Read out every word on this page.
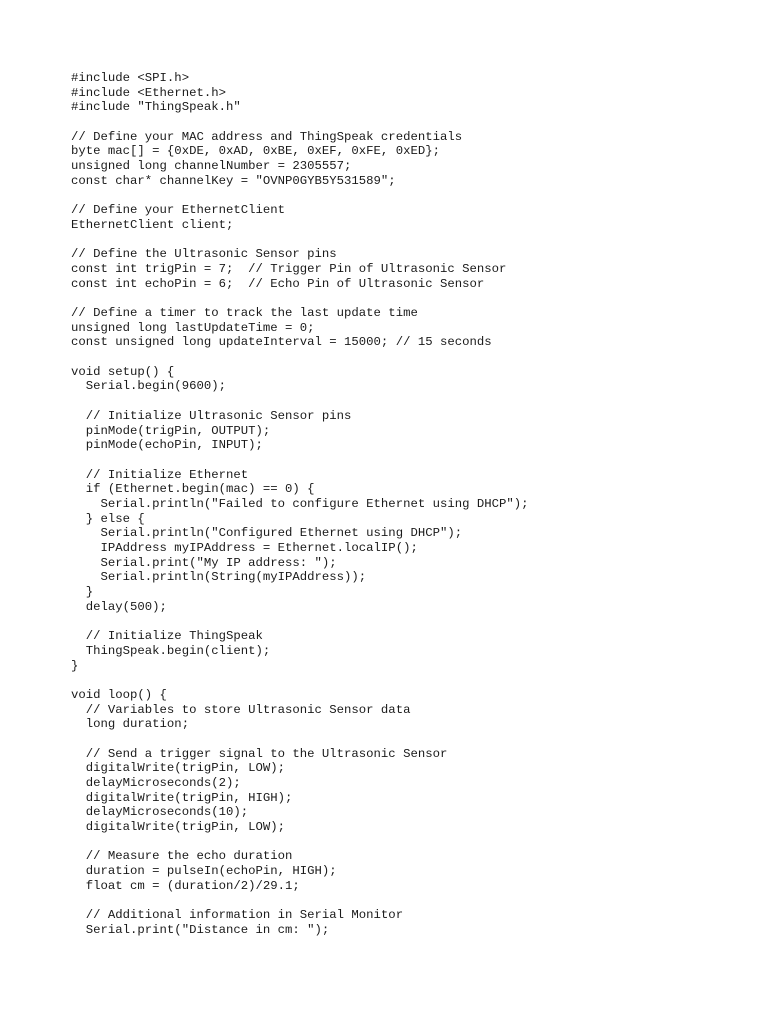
#include <SPI.h>
#include <Ethernet.h>
#include "ThingSpeak.h"
// Define your MAC address and ThingSpeak credentials
byte mac[] = {0xDE, 0xAD, 0xBE, 0xEF, 0xFE, 0xED};
unsigned long channelNumber = 2305557;
const char* channelKey = "OVNP0GYB5Y531589";
// Define your EthernetClient
EthernetClient client;
// Define the Ultrasonic Sensor pins
const int trigPin = 7;  // Trigger Pin of Ultrasonic Sensor
const int echoPin = 6;  // Echo Pin of Ultrasonic Sensor
// Define a timer to track the last update time
unsigned long lastUpdateTime = 0;
const unsigned long updateInterval = 15000; // 15 seconds
void setup() {
Serial.begin(9600);
// Initialize Ultrasonic Sensor pins
pinMode(trigPin, OUTPUT);
pinMode(echoPin, INPUT);
// Initialize Ethernet
if (Ethernet.begin(mac) == 0) {
Serial.println("Failed to configure Ethernet using DHCP");
} else {
Serial.println("Configured Ethernet using DHCP");
IPAddress myIPAddress = Ethernet.localIP();
Serial.print("My IP address: ");
Serial.println(String(myIPAddress));
}
delay(500);
// Initialize ThingSpeak
ThingSpeak.begin(client);
}
void loop() {
// Variables to store Ultrasonic Sensor data
long duration;
// Send a trigger signal to the Ultrasonic Sensor
digitalWrite(trigPin, LOW);
delayMicroseconds(2);
digitalWrite(trigPin, HIGH);
delayMicroseconds(10);
digitalWrite(trigPin, LOW);
// Measure the echo duration
duration = pulseIn(echoPin, HIGH);
float cm = (duration/2)/29.1;
// Additional information in Serial Monitor
Serial.print("Distance in cm: ");
